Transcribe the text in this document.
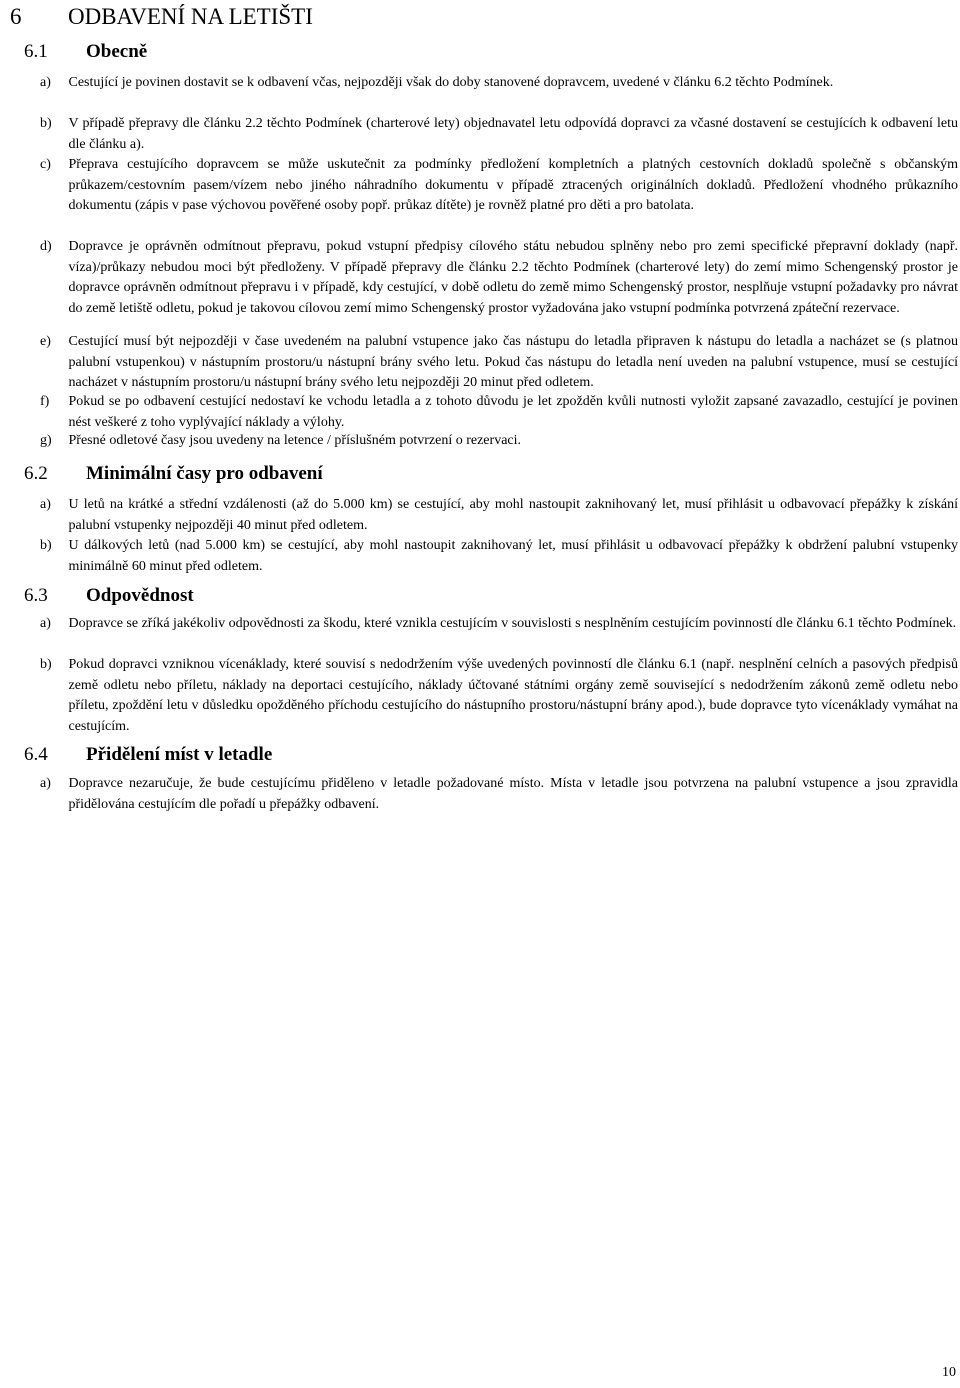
6 ODBAVENÍ NA LETIŠTI
6.1 Obecně
a) Cestující je povinen dostavit se k odbavení včas, nejpozději však do doby stanovené dopravcem, uvedené v článku 6.2 těchto Podmínek.
b) V případě přepravy dle článku 2.2 těchto Podmínek (charterové lety) objednavatel letu odpovídá dopravci za včasné dostavení se cestujících k odbavení letu dle článku a).
c) Přeprava cestujícího dopravcem se může uskutečnit za podmínky předložení kompletních a platných cestovních dokladů společně s občanským průkazem/cestovním pasem/vízem nebo jiného náhradního dokumentu v případě ztracených originálních dokladů. Předložení vhodného průkazního dokumentu (zápis v pase výchovou pověřené osoby popř. průkaz dítěte) je rovněž platné pro děti a pro batolata.
d) Dopravce je oprávněn odmítnout přepravu, pokud vstupní předpisy cílového státu nebudou splněny nebo pro zemi specifické přepravní doklady (např. víza)/průkazy nebudou moci být předloženy. V případě přepravy dle článku 2.2 těchto Podmínek (charterové lety) do zemí mimo Schengenský prostor je dopravce oprávněn odmítnout přepravu i v případě, kdy cestující, v době odletu do země mimo Schengenský prostor, nesplňuje vstupní požadavky pro návrat do země letiště odletu, pokud je takovou cílovou zemí mimo Schengenský prostor vyžadována jako vstupní podmínka potvrzená zpáteční rezervace.
e) Cestující musí být nejpozději v čase uvedeném na palubní vstupence jako čas nástupu do letadla připraven k nástupu do letadla a nacházet se (s platnou palubní vstupenkou) v nástupním prostoru/u nástupní brány svého letu. Pokud čas nástupu do letadla není uveden na palubní vstupence, musí se cestující nacházet v nástupním prostoru/u nástupní brány svého letu nejpozději 20 minut před odletem.
f) Pokud se po odbavení cestující nedostaví ke vchodu letadla a z tohoto důvodu je let zpožděn kvůli nutnosti vyložit zapsané zavazadlo, cestující je povinen nést veškeré z toho vyplývající náklady a výlohy.
g) Přesné odletové časy jsou uvedeny na letence / příslušném potvrzení o rezervaci.
6.2 Minimální časy pro odbavení
a) U letů na krátké a střední vzdálenosti (až do 5.000 km) se cestující, aby mohl nastoupit zaknihovaný let, musí přihlásit u odbavovací přepážky k získání palubní vstupenky nejpozději 40 minut před odletem.
b) U dálkových letů (nad 5.000 km) se cestující, aby mohl nastoupit zaknihovaný let, musí přihlásit u odbavovací přepážky k obdržení palubní vstupenky minimálně 60 minut před odletem.
6.3 Odpovědnost
a) Dopravce se zříká jakékoliv odpovědnosti za škodu, které vznikla cestujícím v souvislosti s nesplněním cestujícím povinností dle článku 6.1 těchto Podmínek.
b) Pokud dopravci vzniknou vícenáklady, které souvisí s nedodržením výše uvedených povinností dle článku 6.1 (např. nesplnění celních a pasových předpisů země odletu nebo příletu, náklady na deportaci cestujícího, náklady účtované státními orgány země související s nedodržením zákonů země odletu nebo příletu, zpoždění letu v důsledku opožděného příchodu cestujícího do nástupního prostoru/nástupní brány apod.), bude dopravce tyto vícenáklady vymáhat na cestujícím.
6.4 Přidělení míst v letadle
a) Dopravce nezaručuje, že bude cestujícímu přiděleno v letadle požadované místo. Místa v letadle jsou potvrzena na palubní vstupence a jsou zpravidla přidělována cestujícím dle pořadí u přepážky odbavení.
10
